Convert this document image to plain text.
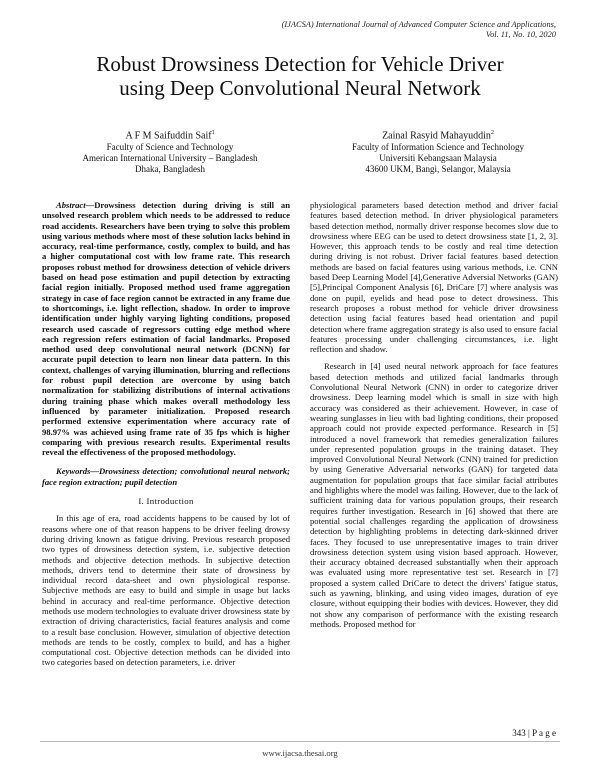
(IJACSA) International Journal of Advanced Computer Science and Applications,
Vol. 11, No. 10, 2020
Robust Drowsiness Detection for Vehicle Driver
using Deep Convolutional Neural Network
A F M Saifuddin Saif$^1$
Faculty of Science and Technology
American International University – Bangladesh
Dhaka, Bangladesh
Zainal Rasyid Mahayuddin$^2$
Faculty of Information Science and Technology
Universiti Kebangsaan Malaysia
43600 UKM, Bangi, Selangor, Malaysia

Abstract—Drowsiness detection during driving is still an unsolved research problem which needs to be addressed to reduce road accidents. Researchers have been trying to solve this problem using various methods where most of these solution lacks behind in accuracy, real-time performance, costly, complex to build, and has a higher computational cost with low frame rate. This research proposes robust method for drowsiness detection of vehicle drivers based on head pose estimation and pupil detection by extracting facial region initially. Proposed method used frame aggregation strategy in case of face region cannot be extracted in any frame due to shortcomings, i.e. light reflection, shadow. In order to improve identification under highly varying lighting conditions, proposed research used cascade of regressors cutting edge method where each regression refers estimation of facial landmarks. Proposed method used deep convolutional neural network (DCNN) for accurate pupil detection to learn non linear data pattern. In this context, challenges of varying illumination, blurring and reflections for robust pupil detection are overcome by using batch normalization for stabilizing distributions of internal activations during training phase which makes overall methodology less influenced by parameter initialization. Proposed research performed extensive experimentation where accuracy rate of 98.97% was achieved using frame rate of 35 fps which is higher comparing with previous research results. Experimental results reveal the effectiveness of the proposed methodology.

Keywords—Drowsiness detection; convolutional neural network; face region extraction; pupil detection

I. Introduction

In this age of era, road accidents happens to be caused by lot of reasons where one of that reason happens to be driver feeling drowsy during driving known as fatigue driving. Previous research proposed two types of drowsiness detection system, i.e. subjective detection methods and objective detection methods. In subjective detection methods, drivers tend to determine their state of drowsiness by individual record data-sheet and own physiological response. Subjective methods are easy to build and simple in usage but lacks behind in accuracy and real-time performance. Objective detection methods use modern technologies to evaluate driver drowsiness state by extraction of driving characteristics, facial features analysis and come to a result base conclusion. However, simulation of objective detection methods are tends to be costly, complex to build, and has a higher computational cost. Objective detection methods can be divided into two categories based on detection parameters, i.e. driver

physiological parameters based detection method and driver facial features based detection method. In driver physiological parameters based detection method, normally driver response becomes slow due to drowsiness where EEG can be used to detect drowsiness state [1, 2, 3]. However, this approach tends to be costly and real time detection during driving is not robust. Driver facial features based detection methods are based on facial features using various methods, i.e. CNN based Deep Learning Model [4],Generative Adversial Networks (GAN) [5],Principal Component Analysis [6], DriCare [7] where analysis was done on pupil, eyelids and head pose to detect drowsiness. This research proposes a robust method for vehicle driver drowsiness detection using facial features based head orientation and pupil detection where frame aggregation strategy is also used to ensure facial features processing under challenging circumstances, i.e. light reflection and shadow.

Research in [4] used neural network approach for face features based detection methods and utilized facial landmarks through Convolutional Neural Network (CNN) in order to categorize driver drowsiness. Deep learning model which is small in size with high accuracy was considered as their achievement. However, in case of wearing sunglasses in lieu with bad lighting conditions, their proposed approach could not provide expected performance. Research in [5] introduced a novel framework that remedies generalization failures under represented population groups in the training dataset. They improved Convolutional Neural Network (CNN) trained for prediction by using Generative Adversarial networks (GAN) for targeted data augmentation for population groups that face similar facial attributes and highlights where the model was failing. However, due to the lack of sufficient training data for various population groups, their research requires further investigation. Research in [6] showed that there are potential social challenges regarding the application of drowsiness detection by highlighting problems in detecting dark-skinned driver faces. They focused to use unrepresentative images to train driver drowsiness detection system using vision based approach. However, their accuracy obtained decreased substantially when their approach was evaluated using more representative test set. Research in [7] proposed a system called DriCare to detect the drivers' fatigue status, such as yawning, blinking, and using video images, duration of eye closure, without equipping their bodies with devices. However, they did not show any comparison of performance with the existing research methods. Proposed method for

343 | P a g e
www.ijacsa.thesai.org
